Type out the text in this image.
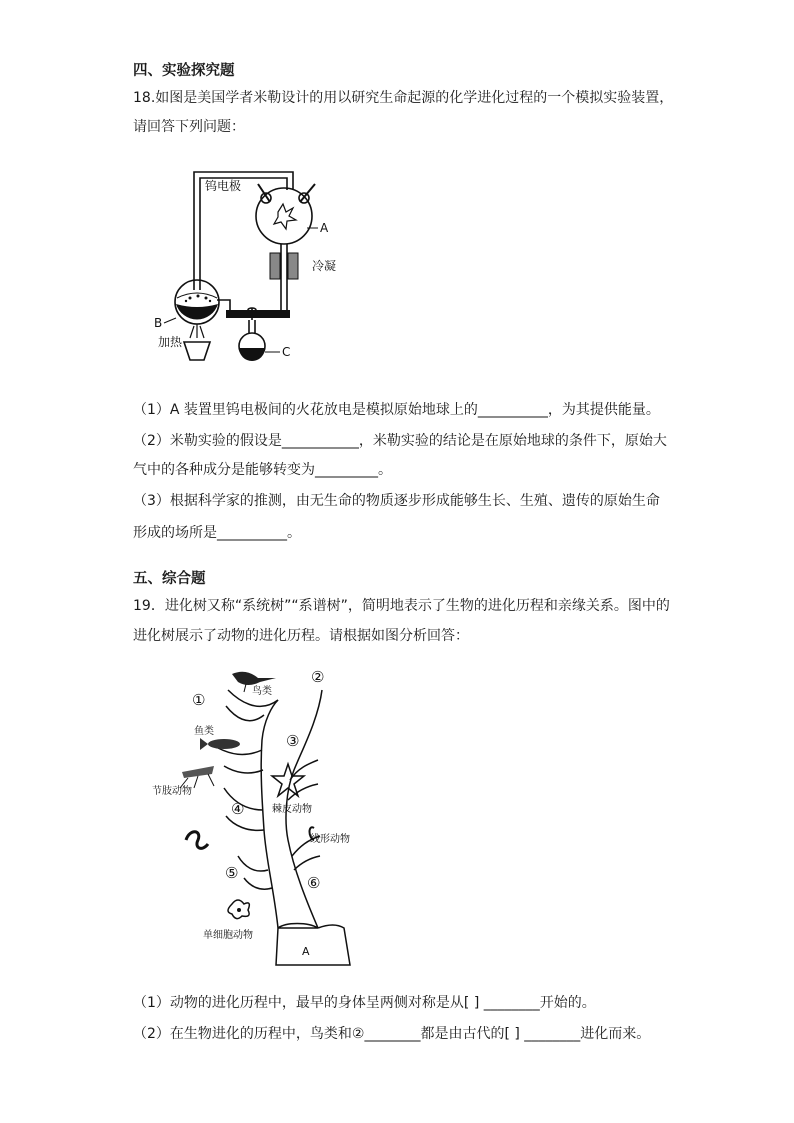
四、实验探究题
18.如图是美国学者米勒设计的用以研究生命起源的化学进化过程的一个模拟实验装置，
请回答下列问题：
钨电极
A
冷凝
B
加热
C
（1）A 装置里钨电极间的火花放电是模拟原始地球上的__________，为其提供能量。
（2）米勒实验的假设是___________，米勒实验的结论是在原始地球的条件下，原始大
气中的各种成分是能够转变为_________。
（3）根据科学家的推测，由无生命的物质逐步形成能够生长、生殖、遗传的原始生命
形成的场所是__________。
五、综合题
19．进化树又称“系统树”“系谱树”，简明地表示了生物的进化历程和亲缘关系。图中的
进化树展示了动物的进化历程。请根据如图分析回答：
①
②
③
④
⑤
⑥
鸟类
鱼类
节肢动物
棘皮动物
线形动物
单细胞动物
A
（1）动物的进化历程中，最早的身体呈两侧对称是从[ ] ________开始的。
（2）在生物进化的历程中，鸟类和②________都是由古代的[ ] ________进化而来。
